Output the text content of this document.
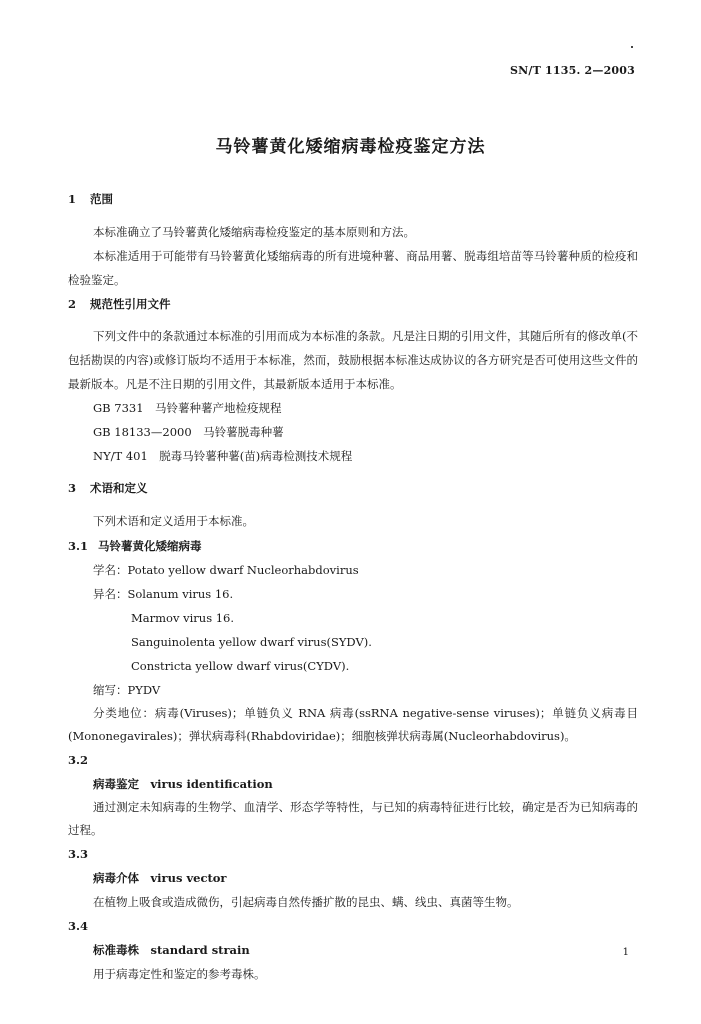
SN/T 1135. 2—2003
马铃薯黄化矮缩病毒检疫鉴定方法
1 范围
本标准确立了马铃薯黄化矮缩病毒检疫鉴定的基本原则和方法。
本标准适用于可能带有马铃薯黄化矮缩病毒的所有进境种薯、商品用薯、脱毒组培苗等马铃薯种质的检疫和检验鉴定。
2 规范性引用文件
下列文件中的条款通过本标准的引用而成为本标准的条款。凡是注日期的引用文件，其随后所有的修改单(不包括勘误的内容)或修订版均不适用于本标准，然而，鼓励根据本标准达成协议的各方研究是否可使用这些文件的最新版本。凡是不注日期的引用文件，其最新版本适用于本标准。
GB 7331　马铃薯种薯产地检疫规程
GB 18133—2000　马铃薯脱毒种薯
NY/T 401　脱毒马铃薯种薯(苗)病毒检测技术规程
3 术语和定义
下列术语和定义适用于本标准。
3.1 马铃薯黄化矮缩病毒
学名：Potato yellow dwarf Nucleorhabdovirus
异名：Solanum virus 16.
Marmov virus 16.
Sanguinolenta yellow dwarf virus(SYDV).
Constricta yellow dwarf virus(CYDV).
缩写：PYDV
分类地位：病毒(Viruses)；单链负义 RNA 病毒(ssRNA negative-sense viruses)；单链负义病毒目(Mononegavirales)；弹状病毒科(Rhabdoviridae)；细胞核弹状病毒属(Nucleorhabdovirus)。
3.2
病毒鉴定　virus identification
通过测定未知病毒的生物学、血清学、形态学等特性，与已知的病毒特征进行比较，确定是否为已知病毒的过程。
3.3
病毒介体　virus vector
在植物上吸食或造成微伤，引起病毒自然传播扩散的昆虫、螨、线虫、真菌等生物。
3.4
标准毒株　standard strain
用于病毒定性和鉴定的参考毒株。
1
